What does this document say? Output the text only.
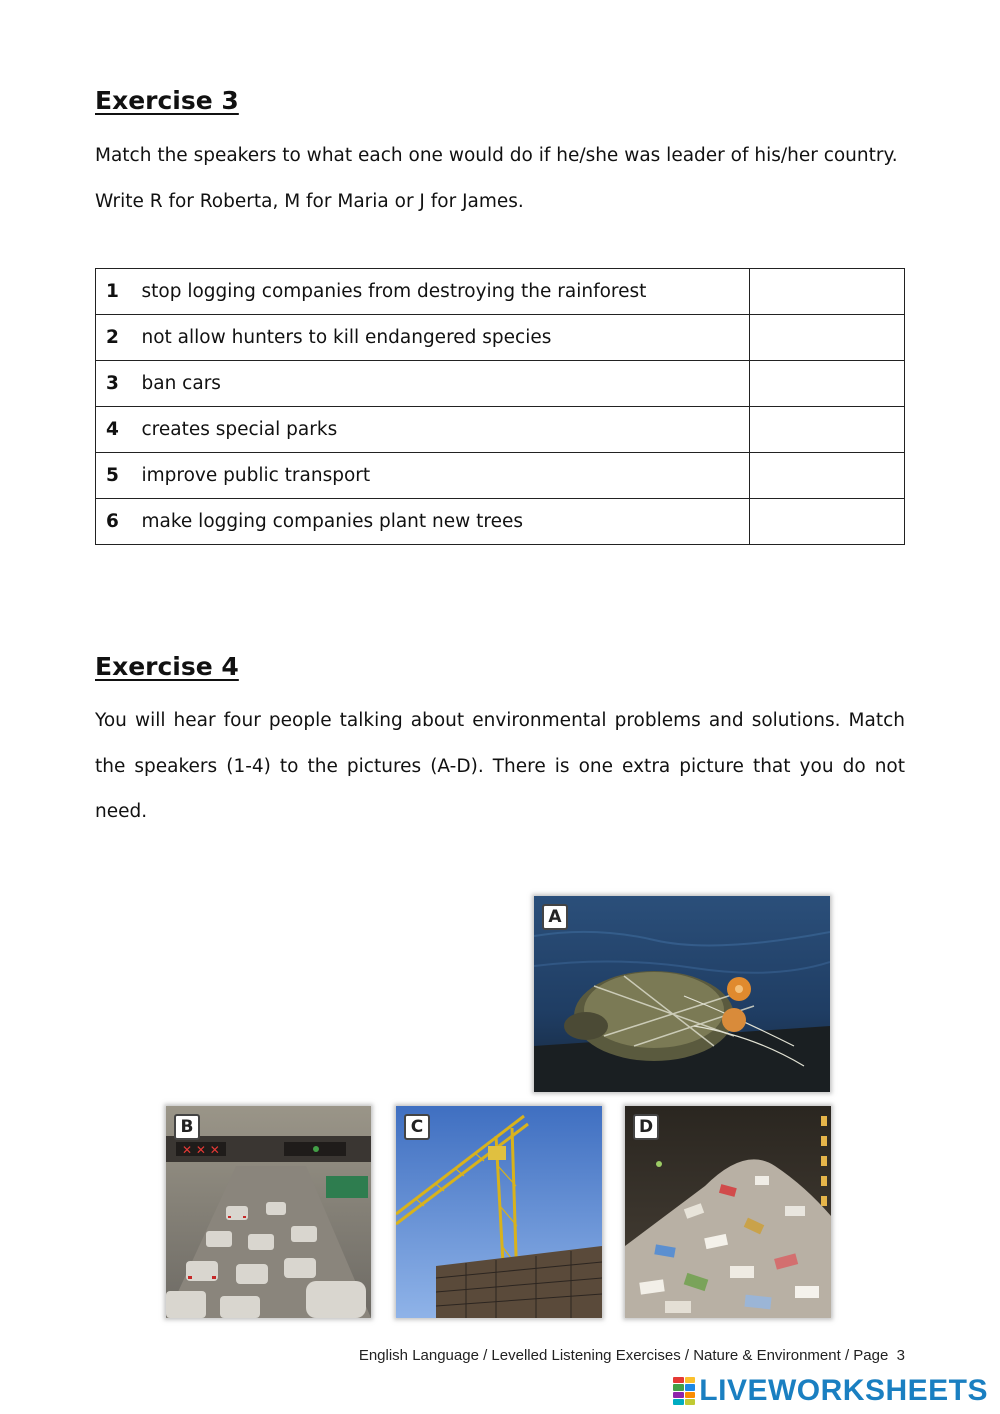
Exercise 3

Match the speakers to what each one would do if he/she was leader of his/her country.

Write R for Roberta, M for Maria or J for James.

1	stop logging companies from destroying the rainforest	
2	not allow hunters to kill endangered species	
3	ban cars	
4	creates special parks	
5	improve public transport	
6	make logging companies plant new trees	
Exercise 4

You will hear four people talking about environmental problems and solutions. Match the speakers (1-4) to the pictures (A-D). There is one extra picture that you do not need.

A
✕ ✕ ✕
B	C	D
English Language / Levelled Listening Exercises / Nature & Environment / Page  3
LIVEWORKSHEETS
